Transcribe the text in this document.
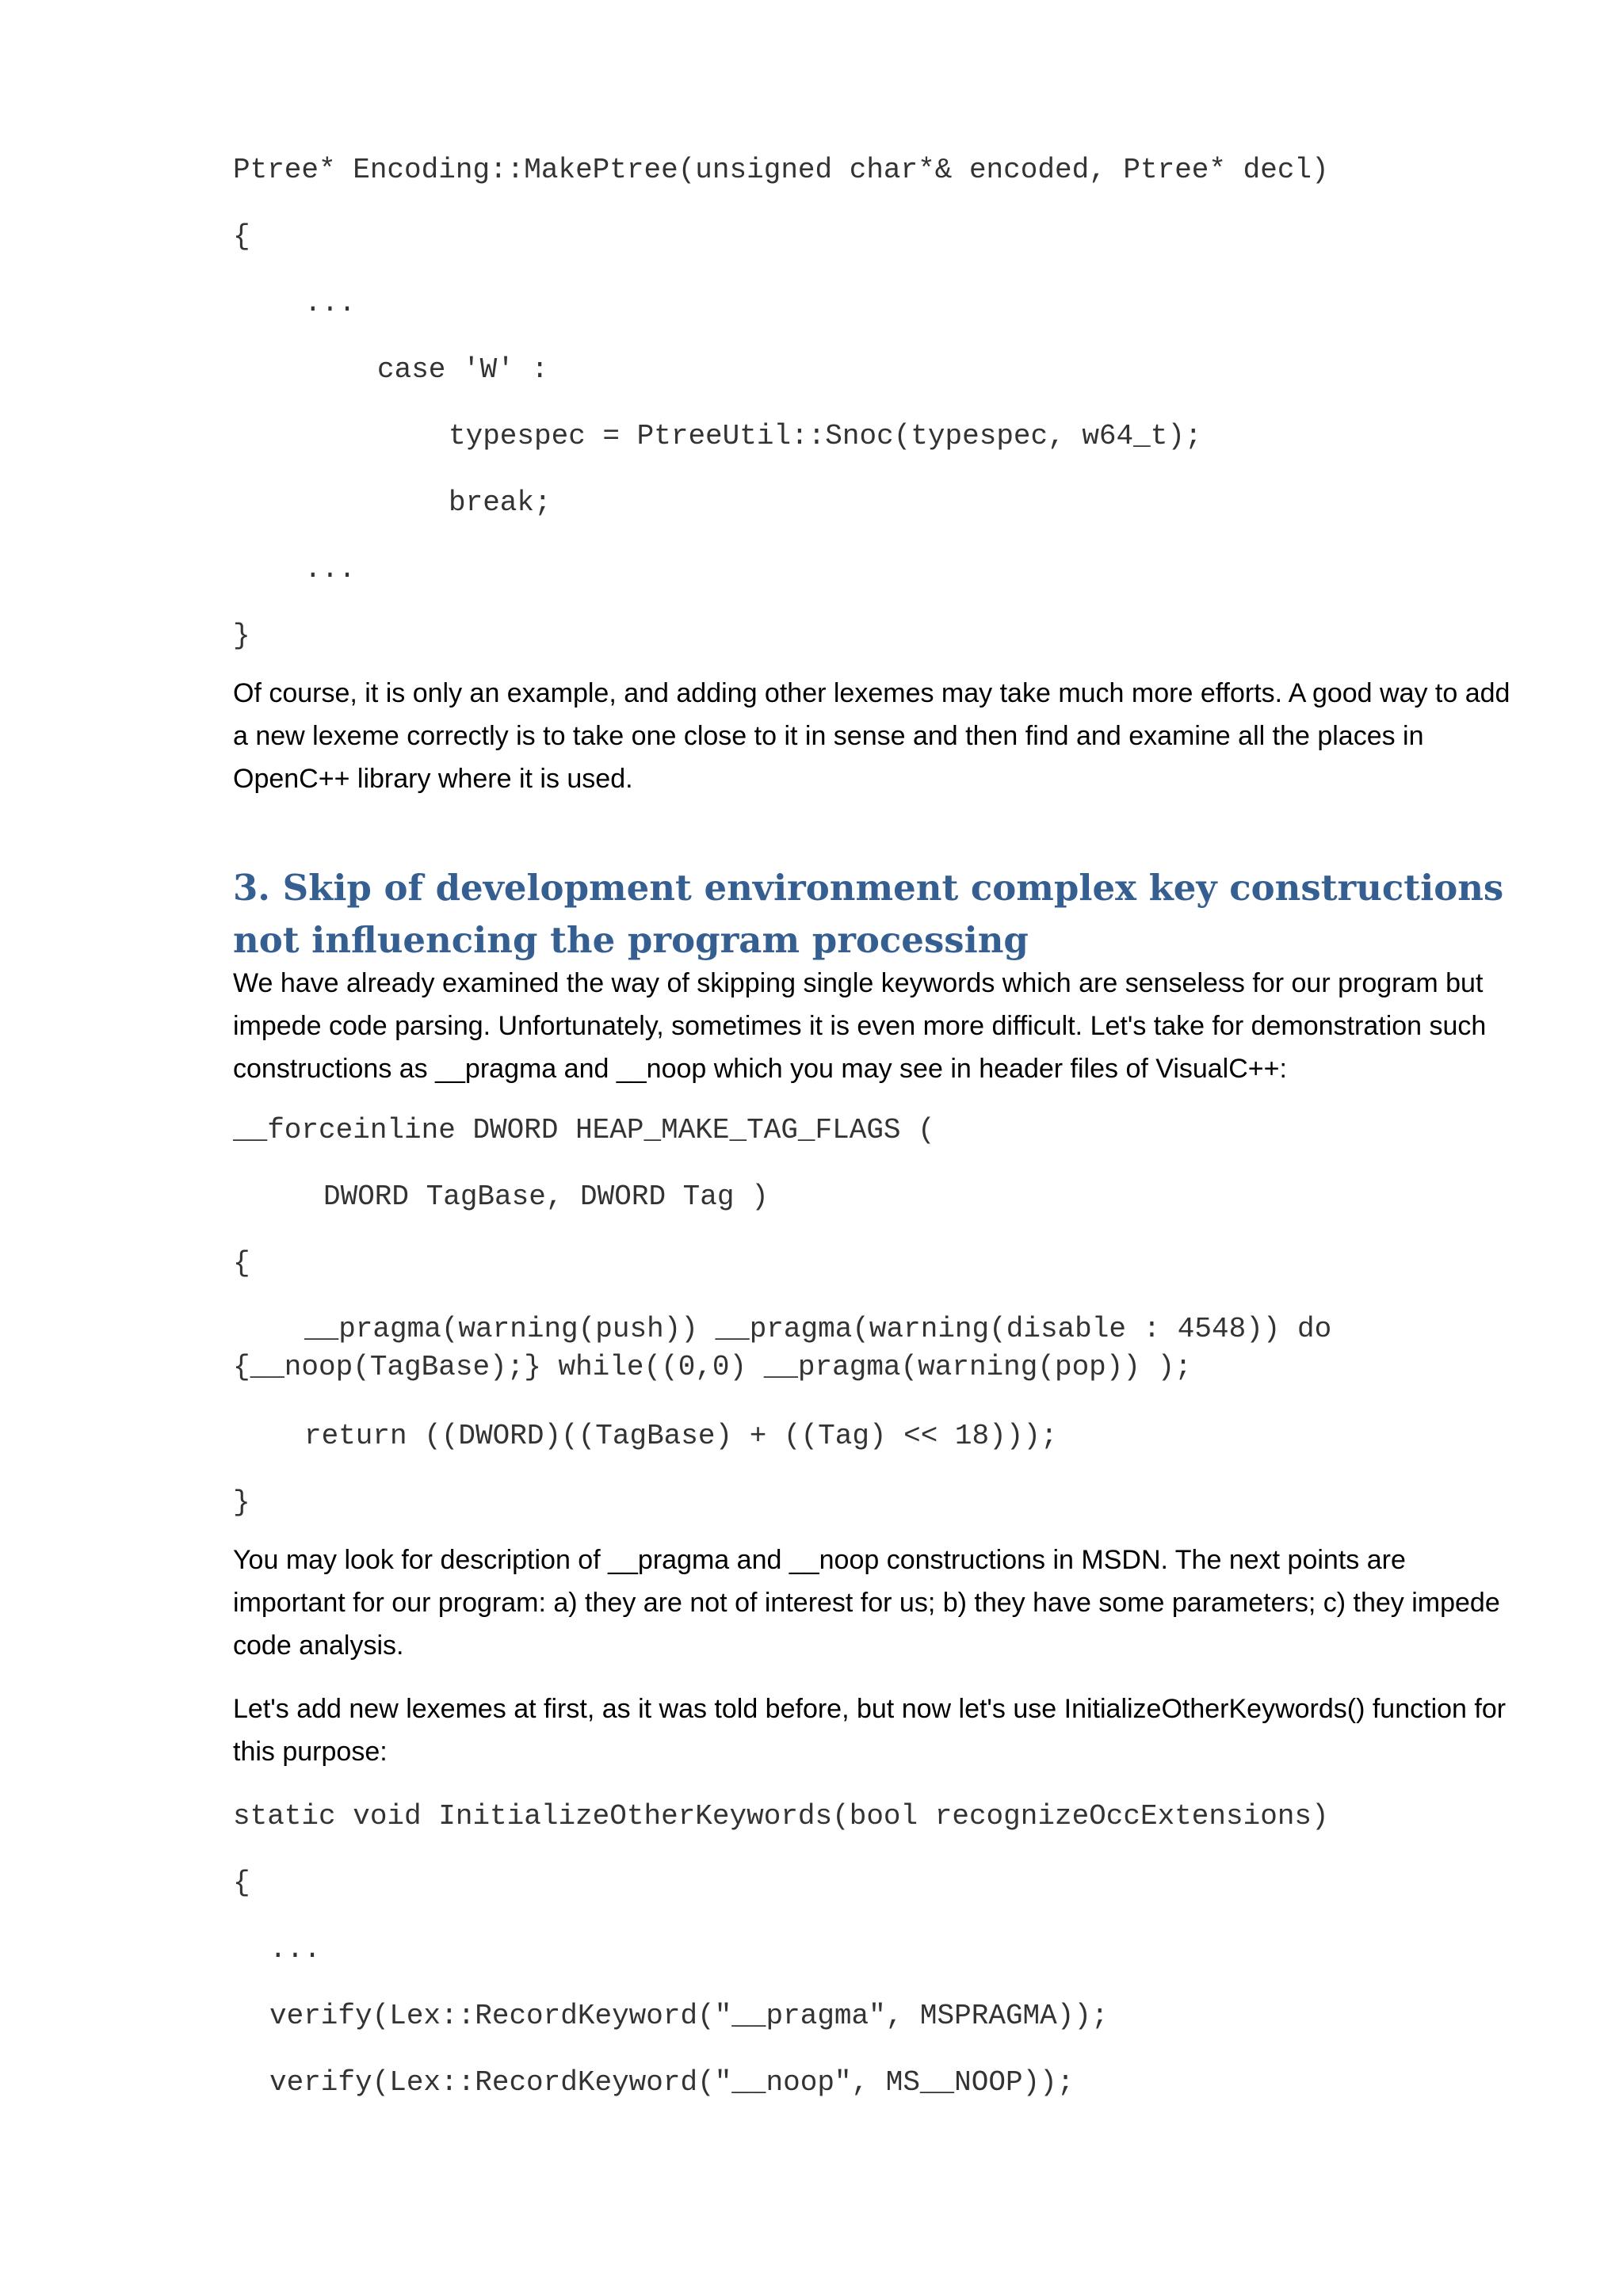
Ptree* Encoding::MakePtree(unsigned char*& encoded, Ptree* decl)
{
...
case 'W' :
typespec = PtreeUtil::Snoc(typespec, w64_t);
break;
...
}

Of course, it is only an example, and adding other lexemes may take much more efforts. A good way to add a new lexeme correctly is to take one close to it in sense and then find and examine all the places in OpenC++ library where it is used.

3. Skip of development environment complex key constructions not influencing the program processing

We have already examined the way of skipping single keywords which are senseless for our program but impede code parsing. Unfortunately, sometimes it is even more difficult. Let's take for demonstration such constructions as __pragma and __noop which you may see in header files of VisualC++:

__forceinline DWORD HEAP_MAKE_TAG_FLAGS (
DWORD TagBase, DWORD Tag )
{
__pragma(warning(push)) __pragma(warning(disable : 4548)) do
{__noop(TagBase);} while((0,0) __pragma(warning(pop)) );
return ((DWORD)((TagBase) + ((Tag) << 18)));
}

You may look for description of __pragma and __noop constructions in MSDN. The next points are important for our program: a) they are not of interest for us; b) they have some parameters; c) they impede code analysis.

Let's add new lexemes at first, as it was told before, but now let's use InitializeOtherKeywords() function for this purpose:

static void InitializeOtherKeywords(bool recognizeOccExtensions)
{
...
verify(Lex::RecordKeyword("__pragma", MSPRAGMA));
verify(Lex::RecordKeyword("__noop", MS__NOOP));
